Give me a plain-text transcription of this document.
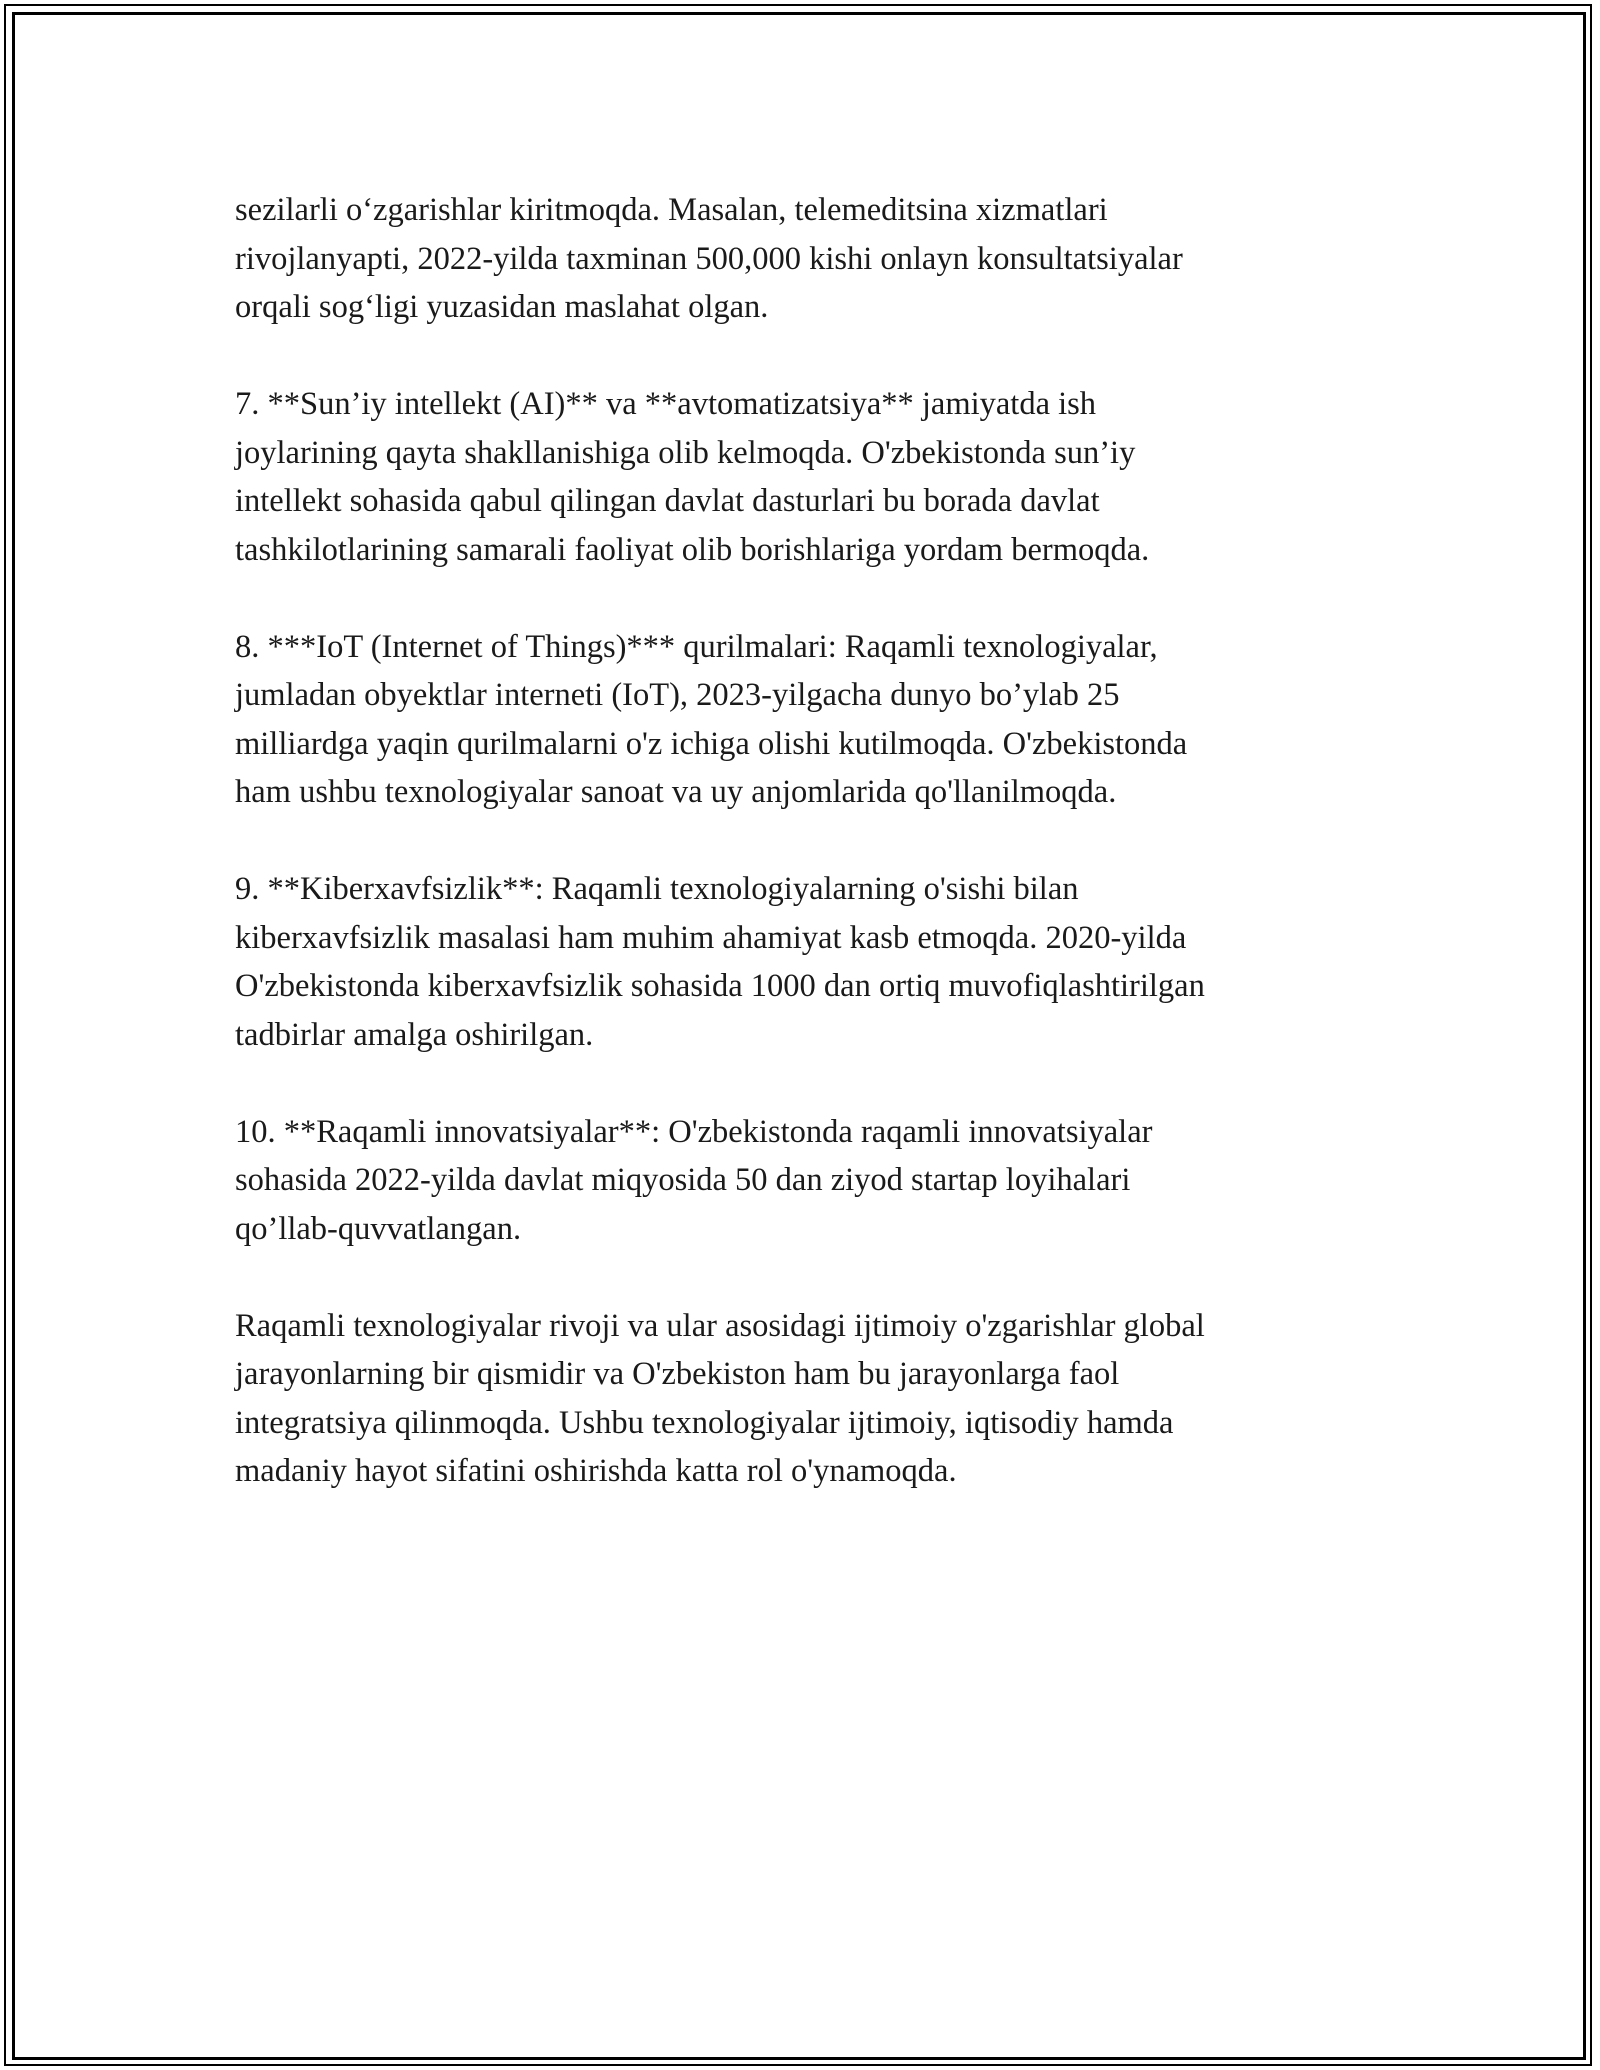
sezilarli o‘zgarishlar kiritmoqda. Masalan, telemeditsina xizmatlari
rivojlanyapti, 2022-yilda taxminan 500,000 kishi onlayn konsultatsiyalar
orqali sog‘ligi yuzasidan maslahat olgan.

7. **Sun’iy intellekt (AI)** va **avtomatizatsiya** jamiyatda ish
joylarining qayta shakllanishiga olib kelmoqda. O'zbekistonda sun’iy
intellekt sohasida qabul qilingan davlat dasturlari bu borada davlat
tashkilotlarining samarali faoliyat olib borishlariga yordam bermoqda.

8. ***IoT (Internet of Things)*** qurilmalari: Raqamli texnologiyalar,
jumladan obyektlar interneti (IoT), 2023-yilgacha dunyo bo’ylab 25
milliardga yaqin qurilmalarni o'z ichiga olishi kutilmoqda. O'zbekistonda
ham ushbu texnologiyalar sanoat va uy anjomlarida qo'llanilmoqda.

9. **Kiberxavfsizlik**: Raqamli texnologiyalarning o'sishi bilan
kiberxavfsizlik masalasi ham muhim ahamiyat kasb etmoqda. 2020-yilda
O'zbekistonda kiberxavfsizlik sohasida 1000 dan ortiq muvofiqlashtirilgan
tadbirlar amalga oshirilgan.

10. **Raqamli innovatsiyalar**: O'zbekistonda raqamli innovatsiyalar
sohasida 2022-yilda davlat miqyosida 50 dan ziyod startap loyihalari
qo’llab-quvvatlangan.

Raqamli texnologiyalar rivoji va ular asosidagi ijtimoiy o'zgarishlar global
jarayonlarning bir qismidir va O'zbekiston ham bu jarayonlarga faol
integratsiya qilinmoqda. Ushbu texnologiyalar ijtimoiy, iqtisodiy hamda
madaniy hayot sifatini oshirishda katta rol o'ynamoqda.
